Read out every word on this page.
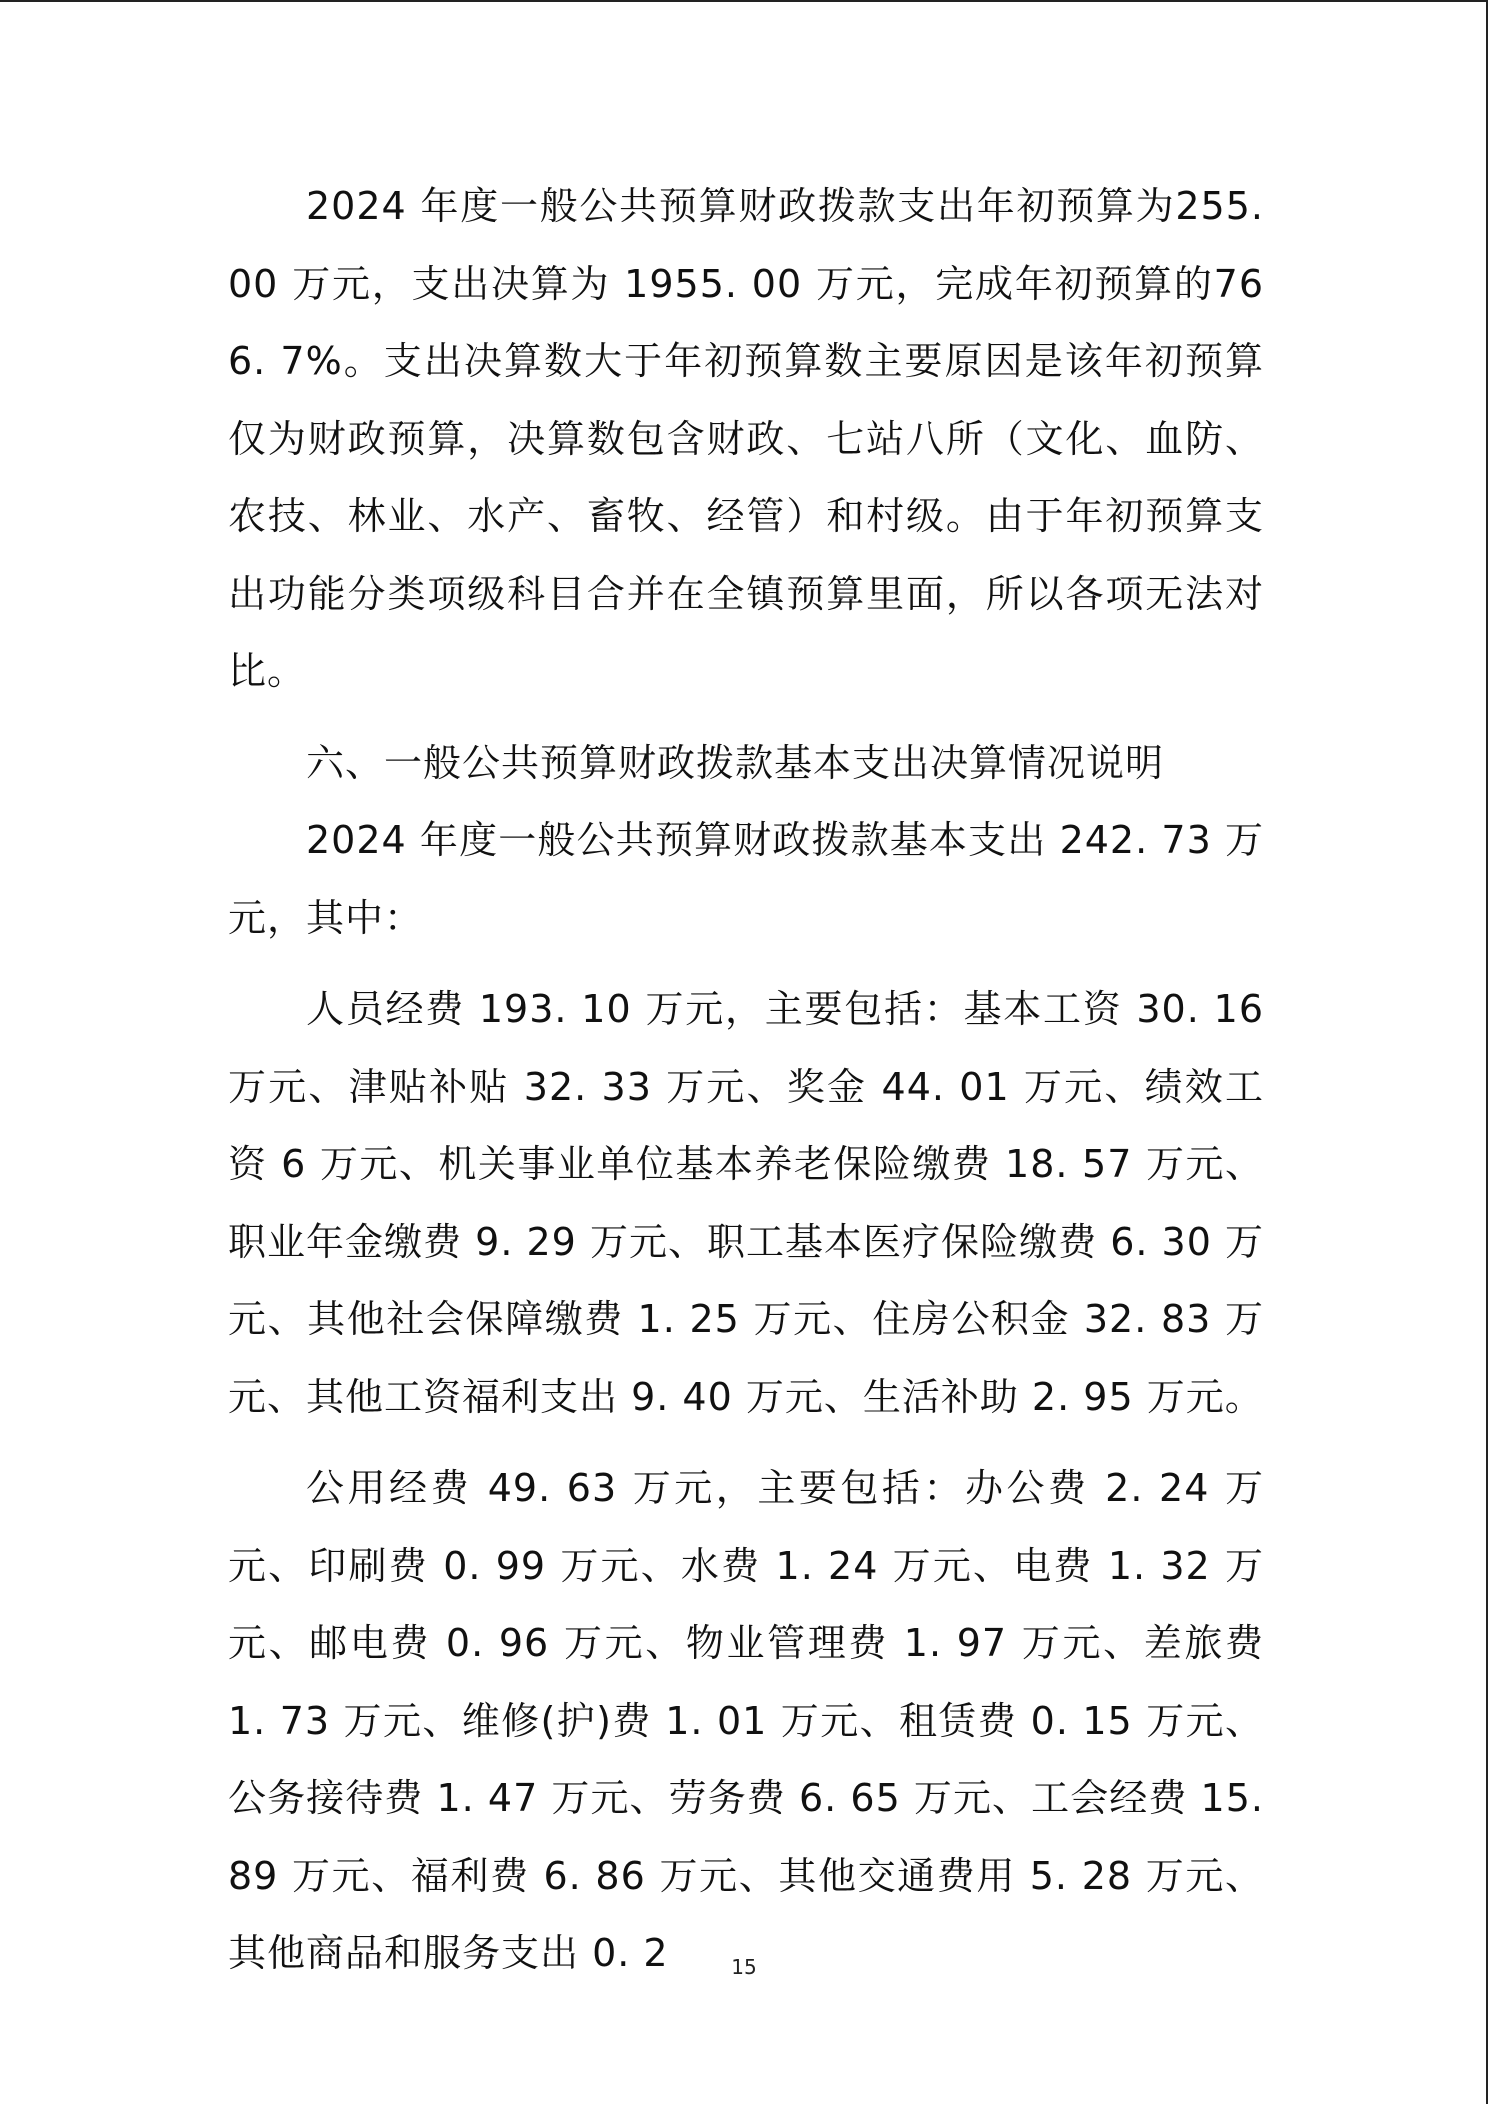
2024 年度一般公共预算财政拨款支出年初预算为255. 00 万元，支出决算为 1955. 00 万元，完成年初预算的766. 7%。支出决算数大于年初预算数主要原因是该年初预算仅为财政预算，决算数包含财政、七站八所（文化、血防、农技、林业、水产、畜牧、经管）和村级。由于年初预算支出功能分类项级科目合并在全镇预算里面，所以各项无法对比。

六、一般公共预算财政拨款基本支出决算情况说明

2024 年度一般公共预算财政拨款基本支出 242. 73 万元，其中：

人员经费 193. 10 万元，主要包括：基本工资 30. 16 万元、津贴补贴 32. 33 万元、奖金 44. 01 万元、绩效工资 6 万元、机关事业单位基本养老保险缴费 18. 57 万元、职业年金缴费 9. 29 万元、职工基本医疗保险缴费 6. 30 万元、其他社会保障缴费 1. 25 万元、住房公积金 32. 83 万元、其他工资福利支出 9. 40 万元、生活补助 2. 95 万元。

公用经费 49. 63 万元，主要包括：办公费 2. 24 万元、印刷费 0. 99 万元、水费 1. 24 万元、电费 1. 32 万元、邮电费 0. 96 万元、物业管理费 1. 97 万元、差旅费 1. 73 万元、维修(护)费 1. 01 万元、租赁费 0. 15 万元、公务接待费 1. 47 万元、劳务费 6. 65 万元、工会经费 15. 89 万元、福利费 6. 86 万元、其他交通费用 5. 28 万元、其他商品和服务支出 0. 2	15
